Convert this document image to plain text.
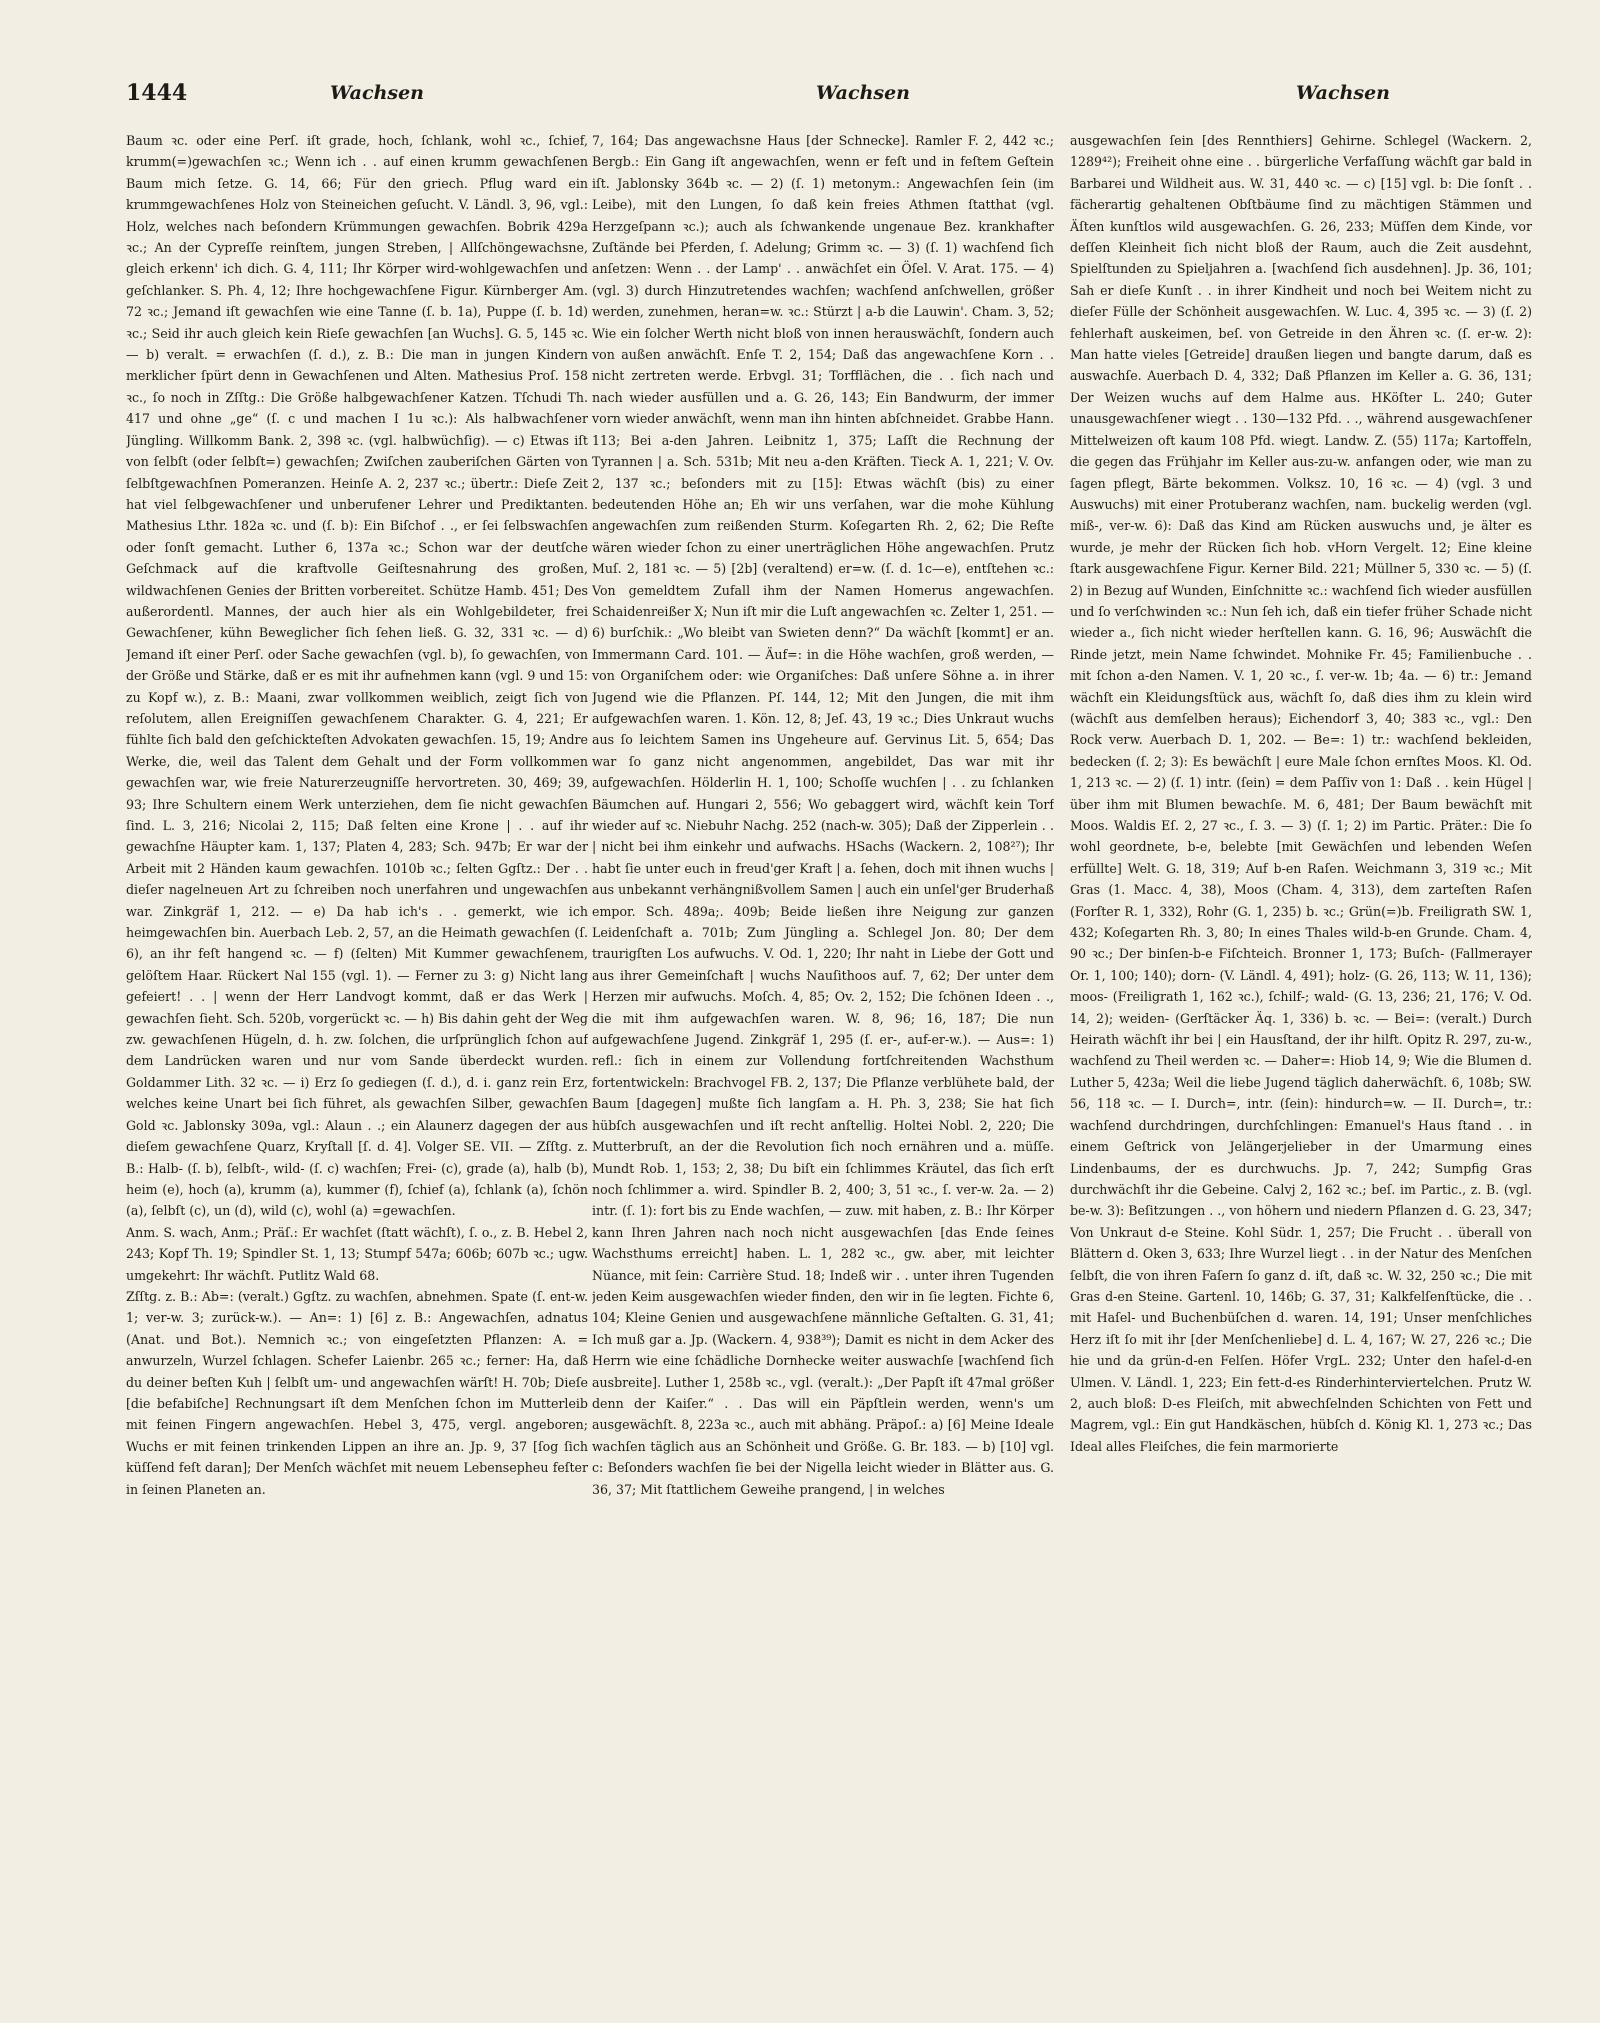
1444	Wachsen	Wachsen	Wachsen

Baum ꝛc. oder eine Perſ. iſt grade, hoch, ſchlank, wohl ꝛc., ſchief, krumm(=)gewachſen ꝛc.; Wenn ich . . auf einen krumm gewachſenen Baum mich ſetze. G. 14, 66; Für den griech. Pflug ward ein krummgewachſenes Holz von Steineichen geſucht. V. Ländl. 3, 96, vgl.: Holz, welches nach beſondern Krümmungen gewachſen. Bobrik 429a ꝛc.; An der Cypreſſe reinſtem, jungen Streben, | Allſchöngewachsne, gleich erkenn' ich dich. G. 4, 111; Ihr Körper wird-wohlgewachſen und geſchlanker. S. Ph. 4, 12; Ihre hochgewachſene Figur. Kürnberger Am. 72 ꝛc.; Jemand iſt gewachſen wie eine Tanne (ſ. b. 1a), Puppe (ſ. b. 1d) ꝛc.; Seid ihr auch gleich kein Rieſe gewachſen [an Wuchs]. G. 5, 145 ꝛc. — b) veralt. = erwachſen (ſ. d.), z. B.: Die man in jungen Kindern merklicher ſpürt denn in Gewachſenen und Alten. Mathesius Proſ. 158 ꝛc., ſo noch in Zſſtg.: Die Größe halbgewachſener Katzen. Tſchudi Th. 417 und ohne „ge“ (ſ. c und machen I 1u ꝛc.): Als halbwachſener Jüngling. Willkomm Bank. 2, 398 ꝛc. (vgl. halbwüchſig). — c) Etwas iſt von ſelbſt (oder ſelbſt=) gewachſen; Zwiſchen zauberiſchen Gärten von ſelbſtgewachſnen Pomeranzen. Heinſe A. 2, 237 ꝛc.; übertr.: Dieſe Zeit hat viel ſelbgewachſener und unberufener Lehrer und Prediktanten. Mathesius Lthr. 182a ꝛc. und (ſ. b): Ein Biſchof . ., er ſei ſelbswachſen oder ſonſt gemacht. Luther 6, 137a ꝛc.; Schon war der deutſche Geſchmack auf die kraftvolle Geiſtesnahrung des großen, wildwachſenen Genies der Britten vorbereitet. Schütze Hamb. 451; Des außerordentl. Mannes, der auch hier als ein Wohlgebildeter, frei Gewachſener, kühn Beweglicher ſich ſehen ließ. G. 32, 331 ꝛc. — d) Jemand iſt einer Perſ. oder Sache gewachſen (vgl. b), ſo gewachſen, von der Größe und Stärke, daß er es mit ihr aufnehmen kann (vgl. 9 und 15: zu Kopf w.), z. B.: Maani, zwar vollkommen weiblich, zeigt ſich von reſolutem, allen Ereigniſſen gewachſenem Charakter. G. 4, 221; Er fühlte ſich bald den geſchickteſten Advokaten gewachſen. 15, 19; Andre Werke, die, weil das Talent dem Gehalt und der Form vollkommen gewachſen war, wie freie Naturerzeugniſſe hervortreten. 30, 469; 39, 93; Ihre Schultern einem Werk unterziehen, dem ſie nicht gewachſen ſind. L. 3, 216; Nicolai 2, 115; Daß ſelten eine Krone | . . auf ihr gewachſne Häupter kam. 1, 137; Platen 4, 283; Sch. 947b; Er war der Arbeit mit 2 Händen kaum gewachſen. 1010b ꝛc.; ſelten Ggſtz.: Der . . dieſer nagelneuen Art zu ſchreiben noch unerfahren und ungewachſen war. Zinkgräf 1, 212. — e) Da hab ich's . . gemerkt, wie ich heimgewachſen bin. Auerbach Leb. 2, 57, an die Heimath gewachſen (ſ. 6), an ihr feſt hangend ꝛc. — f) (ſelten) Mit Kummer gewachſenem, gelöſtem Haar. Rückert Nal 155 (vgl. 1). — Ferner zu 3: g) Nicht lang gefeiert! . . | wenn der Herr Landvogt kommt, daß er das Werk | gewachſen ſieht. Sch. 520b, vorgerückt ꝛc. — h) Bis dahin geht der Weg zw. gewachſenen Hügeln, d. h. zw. ſolchen, die urſprünglich ſchon auf dem Landrücken waren und nur vom Sande überdeckt wurden. Goldammer Lith. 32 ꝛc. — i) Erz ſo gediegen (ſ. d.), d. i. ganz rein Erz, welches keine Unart bei ſich führet, als gewachſen Silber, gewachſen Gold ꝛc. Jablonsky 309a, vgl.: Alaun . .; ein Alaunerz dagegen der aus dieſem gewachſene Quarz, Kryſtall [ſ. d. 4]. Volger SE. VII. — Zſſtg. z. B.: Halb- (ſ. b), ſelbſt-, wild- (ſ. c) wachſen; Frei- (c), grade (a), halb (b), heim (e), hoch (a), krumm (a), kummer (f), ſchief (a), ſchlank (a), ſchön (a), ſelbſt (c), un (d), wild (c), wohl (a) =gewachſen.

Anm. S. wach, Anm.; Präſ.: Er wachſet (ſtatt wächſt), ſ. o., z. B. Hebel 2, 243; Kopf Th. 19; Spindler St. 1, 13; Stumpf 547a; 606b; 607b ꝛc.; ugw. umgekehrt: Ihr wächſt. Putlitz Wald 68.

Zſſtg. z. B.: Ab=: (veralt.) Ggſtz. zu wachſen, abnehmen. Spate (ſ. ent-w. 1; ver-w. 3; zurück-w.). — An=: 1) [6] z. B.: Angewachſen, adnatus (Anat. und Bot.). Nemnich ꝛc.; von eingeſetzten Pflanzen: A. = anwurzeln, Wurzel ſchlagen. Schefer Laienbr. 265 ꝛc.; ferner: Ha, daß du deiner beſten Kuh | ſelbſt um- und angewachſen wärſt! H. 70b; Dieſe [die befabiſche] Rechnungsart iſt dem Menſchen ſchon im Mutterleib mit feinen Fingern angewachſen. Hebel 3, 475, vergl. angeboren; Wuchs er mit feinen trinkenden Lippen an ihre an. Jp. 9, 37 [ſog ſich küſſend feſt daran]; Der Menſch wächſet mit neuem Lebensepheu feſter in ſeinen Planeten an.

7, 164; Das angewachsne Haus [der Schnecke]. Ramler F. 2, 442 ꝛc.; Bergb.: Ein Gang iſt angewachſen, wenn er feſt und in feſtem Geſtein iſt. Jablonsky 364b ꝛc. — 2) (ſ. 1) metonym.: Angewachſen ſein (im Leibe), mit den Lungen, ſo daß kein freies Athmen ſtatthat (vgl. Herzgeſpann ꝛc.); auch als ſchwankende ungenaue Bez. krankhafter Zuſtände bei Pferden, ſ. Adelung; Grimm ꝛc. — 3) (ſ. 1) wachſend ſich anſetzen: Wenn . . der Lamp' . . anwächſet ein Öſel. V. Arat. 175. — 4) (vgl. 3) durch Hinzutretendes wachſen; wachſend anſchwellen, größer werden, zunehmen, heran=w. ꝛc.: Stürzt | a-b die Lauwin'. Cham. 3, 52; Wie ein ſolcher Werth nicht bloß von innen herauswächſt, ſondern auch von außen anwächſt. Enſe T. 2, 154; Daß das angewachſene Korn . . nicht zertreten werde. Erbvgl. 31; Torfflächen, die . . ſich nach und nach wieder ausfüllen und a. G. 26, 143; Ein Bandwurm, der immer vorn wieder anwächſt, wenn man ihn hinten abſchneidet. Grabbe Hann. 113; Bei a-den Jahren. Leibnitz 1, 375; Laſſt die Rechnung der Tyrannen | a. Sch. 531b; Mit neu a-den Kräften. Tieck A. 1, 221; V. Ov. 2, 137 ꝛc.; beſonders mit zu [15]: Etwas wächſt (bis) zu einer bedeutenden Höhe an; Eh wir uns verſahen, war die mohe Kühlung angewachſen zum reißenden Sturm. Koſegarten Rh. 2, 62; Die Reſte wären wieder ſchon zu einer unerträglichen Höhe angewachſen. Prutz Muſ. 2, 181 ꝛc. — 5) [2b] (veraltend) er=w. (ſ. d. 1c—e), entſtehen ꝛc.: Von gemeldtem Zufall ihm der Namen Homerus angewachſen. Schaidenreißer X; Nun iſt mir die Luſt angewachſen ꝛc. Zelter 1, 251. — 6) burſchik.: „Wo bleibt van Swieten denn?“ Da wächſt [kommt] er an. Immermann Card. 101. — Äuf=: in die Höhe wachſen, groß werden, — von Organiſchem oder: wie Organiſches: Daß unſere Söhne a. in ihrer Jugend wie die Pflanzen. Pſ. 144, 12; Mit den Jungen, die mit ihm aufgewachſen waren. 1. Kön. 12, 8; Jeſ. 43, 19 ꝛc.; Dies Unkraut wuchs aus ſo leichtem Samen ins Ungeheure auf. Gervinus Lit. 5, 654; Das war ſo ganz nicht angenommen, angebildet, Das war mit ihr aufgewachſen. Hölderlin H. 1, 100; Schoſſe wuchſen | . . zu ſchlanken Bäumchen auf. Hungari 2, 556; Wo gebaggert wird, wächſt kein Torf wieder auf ꝛc. Niebuhr Nachg. 252 (nach-w. 305); Daß der Zipperlein . . | nicht bei ihm einkehr und aufwachs. HSachs (Wackern. 2, 108²⁷); Ihr habt ſie unter euch in freud'ger Kraft | a. ſehen, doch mit ihnen wuchs | aus unbekannt verhängnißvollem Samen | auch ein unſel'ger Bruderhaß empor. Sch. 489a;. 409b; Beide ließen ihre Neigung zur ganzen Leidenſchaft a. 701b; Zum Jüngling a. Schlegel Jon. 80; Der dem traurigſten Los aufwuchs. V. Od. 1, 220; Ihr naht in Liebe der Gott und aus ihrer Gemeinſchaft | wuchs Nauſithoos auf. 7, 62; Der unter dem Herzen mir aufwuchs. Moſch. 4, 85; Ov. 2, 152; Die ſchönen Ideen . ., die mit ihm aufgewachſen waren. W. 8, 96; 16, 187; Die nun aufgewachſene Jugend. Zinkgräf 1, 295 (ſ. er-, auf-er-w.). — Aus=: 1) refl.: ſich in einem zur Vollendung fortſchreitenden Wachsthum fortentwickeln: Brachvogel FB. 2, 137; Die Pflanze verblühete bald, der Baum [dagegen] mußte ſich langſam a. H. Ph. 3, 238; Sie hat ſich hübſch ausgewachſen und iſt recht anſtellig. Holtei Nobl. 2, 220; Die Mutterbruſt, an der die Revolution ſich noch ernähren und a. müſſe. Mundt Rob. 1, 153; 2, 38; Du biſt ein ſchlimmes Kräutel, das ſich erſt noch ſchlimmer a. wird. Spindler B. 2, 400; 3, 51 ꝛc., ſ. ver-w. 2a. — 2) intr. (ſ. 1): fort bis zu Ende wachſen, — zuw. mit haben, z. B.: Ihr Körper kann Ihren Jahren nach noch nicht ausgewachſen [das Ende ſeines Wachsthums erreicht] haben. L. 1, 282 ꝛc., gw. aber, mit leichter Nüance, mit ſein: Carrière Stud. 18; Indeß wir . . unter ihren Tugenden jeden Keim ausgewachſen wieder finden, den wir in ſie legten. Fichte 6, 104; Kleine Genien und ausgewachſene männliche Geſtalten. G. 31, 41; Ich muß gar a. Jp. (Wackern. 4, 938³⁹); Damit es nicht in dem Acker des Herrn wie eine ſchädliche Dornhecke weiter auswachſe [wachſend ſich ausbreite]. Luther 1, 258b ꝛc., vgl. (veralt.): „Der Papſt iſt 47mal größer denn der Kaiſer.“ . . Das will ein Päpſtlein werden, wenn's um ausgewächſt. 8, 223a ꝛc., auch mit abhäng. Präpoſ.: a) [6] Meine Ideale wachſen täglich aus an Schönheit und Größe. G. Br. 183. — b) [10] vgl. c: Beſonders wachſen ſie bei der Nigella leicht wieder in Blätter aus. G. 36, 37; Mit ſtattlichem Geweihe prangend, | in welches

ausgewachſen ſein [des Rennthiers] Gehirne. Schlegel (Wackern. 2, 1289⁴²); Freiheit ohne eine . . bürgerliche Verfaſſung wächſt gar bald in Barbarei und Wildheit aus. W. 31, 440 ꝛc. — c) [15] vgl. b: Die ſonſt . . fächerartig gehaltenen Obſtbäume ſind zu mächtigen Stämmen und Äſten kunſtlos wild ausgewachſen. G. 26, 233; Müſſen dem Kinde, vor deſſen Kleinheit ſich nicht bloß der Raum, auch die Zeit ausdehnt, Spielſtunden zu Spieljahren a. [wachſend ſich ausdehnen]. Jp. 36, 101; Sah er dieſe Kunſt . . in ihrer Kindheit und noch bei Weitem nicht zu dieſer Fülle der Schönheit ausgewachſen. W. Luc. 4, 395 ꝛc. — 3) (ſ. 2) fehlerhaft auskeimen, beſ. von Getreide in den Ähren ꝛc. (ſ. er-w. 2): Man hatte vieles [Getreide] draußen liegen und bangte darum, daß es auswachſe. Auerbach D. 4, 332; Daß Pflanzen im Keller a. G. 36, 131; Der Weizen wuchs auf dem Halme aus. HKöſter L. 240; Guter unausgewachſener wiegt . . 130—132 Pfd. . ., während ausgewachſener Mittelweizen oft kaum 108 Pfd. wiegt. Landw. Z. (55) 117a; Kartoffeln, die gegen das Frühjahr im Keller aus-zu-w. anfangen oder, wie man zu ſagen pflegt, Bärte bekommen. Volksz. 10, 16 ꝛc. — 4) (vgl. 3 und Auswuchs) mit einer Protuberanz wachſen, nam. buckelig werden (vgl. miß-, ver-w. 6): Daß das Kind am Rücken auswuchs und, je älter es wurde, je mehr der Rücken ſich hob. vHorn Vergelt. 12; Eine kleine ſtark ausgewachſene Figur. Kerner Bild. 221; Müllner 5, 330 ꝛc. — 5) (ſ. 2) in Bezug auf Wunden, Einſchnitte ꝛc.: wachſend ſich wieder ausfüllen und ſo verſchwinden ꝛc.: Nun ſeh ich, daß ein tiefer früher Schade nicht wieder a., ſich nicht wieder herſtellen kann. G. 16, 96; Auswächſt die Rinde jetzt, mein Name ſchwindet. Mohnike Fr. 45; Familienbuche . . mit ſchon a-den Namen. V. 1, 20 ꝛc., ſ. ver-w. 1b; 4a. — 6) tr.: Jemand wächſt ein Kleidungsſtück aus, wächſt ſo, daß dies ihm zu klein wird (wächſt aus demſelben heraus); Eichendorf 3, 40; 383 ꝛc., vgl.: Den Rock verw. Auerbach D. 1, 202. — Be=: 1) tr.: wachſend bekleiden, bedecken (ſ. 2; 3): Es bewächſt | eure Male ſchon ernſtes Moos. Kl. Od. 1, 213 ꝛc. — 2) (ſ. 1) intr. (ſein) = dem Paſſiv von 1: Daß . . kein Hügel | über ihm mit Blumen bewachſe. M. 6, 481; Der Baum bewächſt mit Moos. Waldis Eſ. 2, 27 ꝛc., ſ. 3. — 3) (ſ. 1; 2) im Partic. Präter.: Die ſo wohl geordnete, b-e, belebte [mit Gewächſen und lebenden Weſen erfüllte] Welt. G. 18, 319; Auf b-en Raſen. Weichmann 3, 319 ꝛc.; Mit Gras (1. Macc. 4, 38), Moos (Cham. 4, 313), dem zarteſten Raſen (Forſter R. 1, 332), Rohr (G. 1, 235) b. ꝛc.; Grün(=)b. Freiligrath SW. 1, 432; Koſegarten Rh. 3, 80; In eines Thales wild-b-en Grunde. Cham. 4, 90 ꝛc.; Der binſen-b-e Fiſchteich. Bronner 1, 173; Buſch- (Fallmerayer Or. 1, 100; 140); dorn- (V. Ländl. 4, 491); holz- (G. 26, 113; W. 11, 136); moos- (Freiligrath 1, 162 ꝛc.), ſchilf-; wald- (G. 13, 236; 21, 176; V. Od. 14, 2); weiden- (Gerſtäcker Äq. 1, 336) b. ꝛc. — Bei=: (veralt.) Durch Heirath wächſt ihr bei | ein Hausſtand, der ihr hilft. Opitz R. 297, zu-w., wachſend zu Theil werden ꝛc. — Daher=: Hiob 14, 9; Wie die Blumen d. Luther 5, 423a; Weil die liebe Jugend täglich daherwächſt. 6, 108b; SW. 56, 118 ꝛc. — I. Durch=, intr. (ſein): hindurch=w. — II. Durch=, tr.: wachſend durchdringen, durchſchlingen: Emanuel's Haus ſtand . . in einem Geſtrick von Jelängerjelieber in der Umarmung eines Lindenbaums, der es durchwuchs. Jp. 7, 242; Sumpfig Gras durchwächſt ihr die Gebeine. Calvj 2, 162 ꝛc.; beſ. im Partic., z. B. (vgl. be-w. 3): Beſitzungen . ., von höhern und niedern Pflanzen d. G. 23, 347; Von Unkraut d-e Steine. Kohl Südr. 1, 257; Die Frucht . . überall von Blättern d. Oken 3, 633; Ihre Wurzel liegt . . in der Natur des Menſchen ſelbſt, die von ihren Faſern ſo ganz d. iſt, daß ꝛc. W. 32, 250 ꝛc.; Die mit Gras d-en Steine. Gartenl. 10, 146b; G. 37, 31; Kalkfelſenſtücke, die . . mit Haſel- und Buchenbüſchen d. waren. 14, 191; Unser menſchliches Herz iſt ſo mit ihr [der Menſchenliebe] d. L. 4, 167; W. 27, 226 ꝛc.; Die hie und da grün-d-en Felſen. Höfer VrgL. 232; Unter den haſel-d-en Ulmen. V. Ländl. 1, 223; Ein fett-d-es Rinderhinterviertelchen. Prutz W. 2, auch bloß: D-es Fleiſch, mit abwechſelnden Schichten von Fett und Magrem, vgl.: Ein gut Handkäschen, hübſch d. König Kl. 1, 273 ꝛc.; Das Ideal alles Fleiſches, die fein marmorierte
